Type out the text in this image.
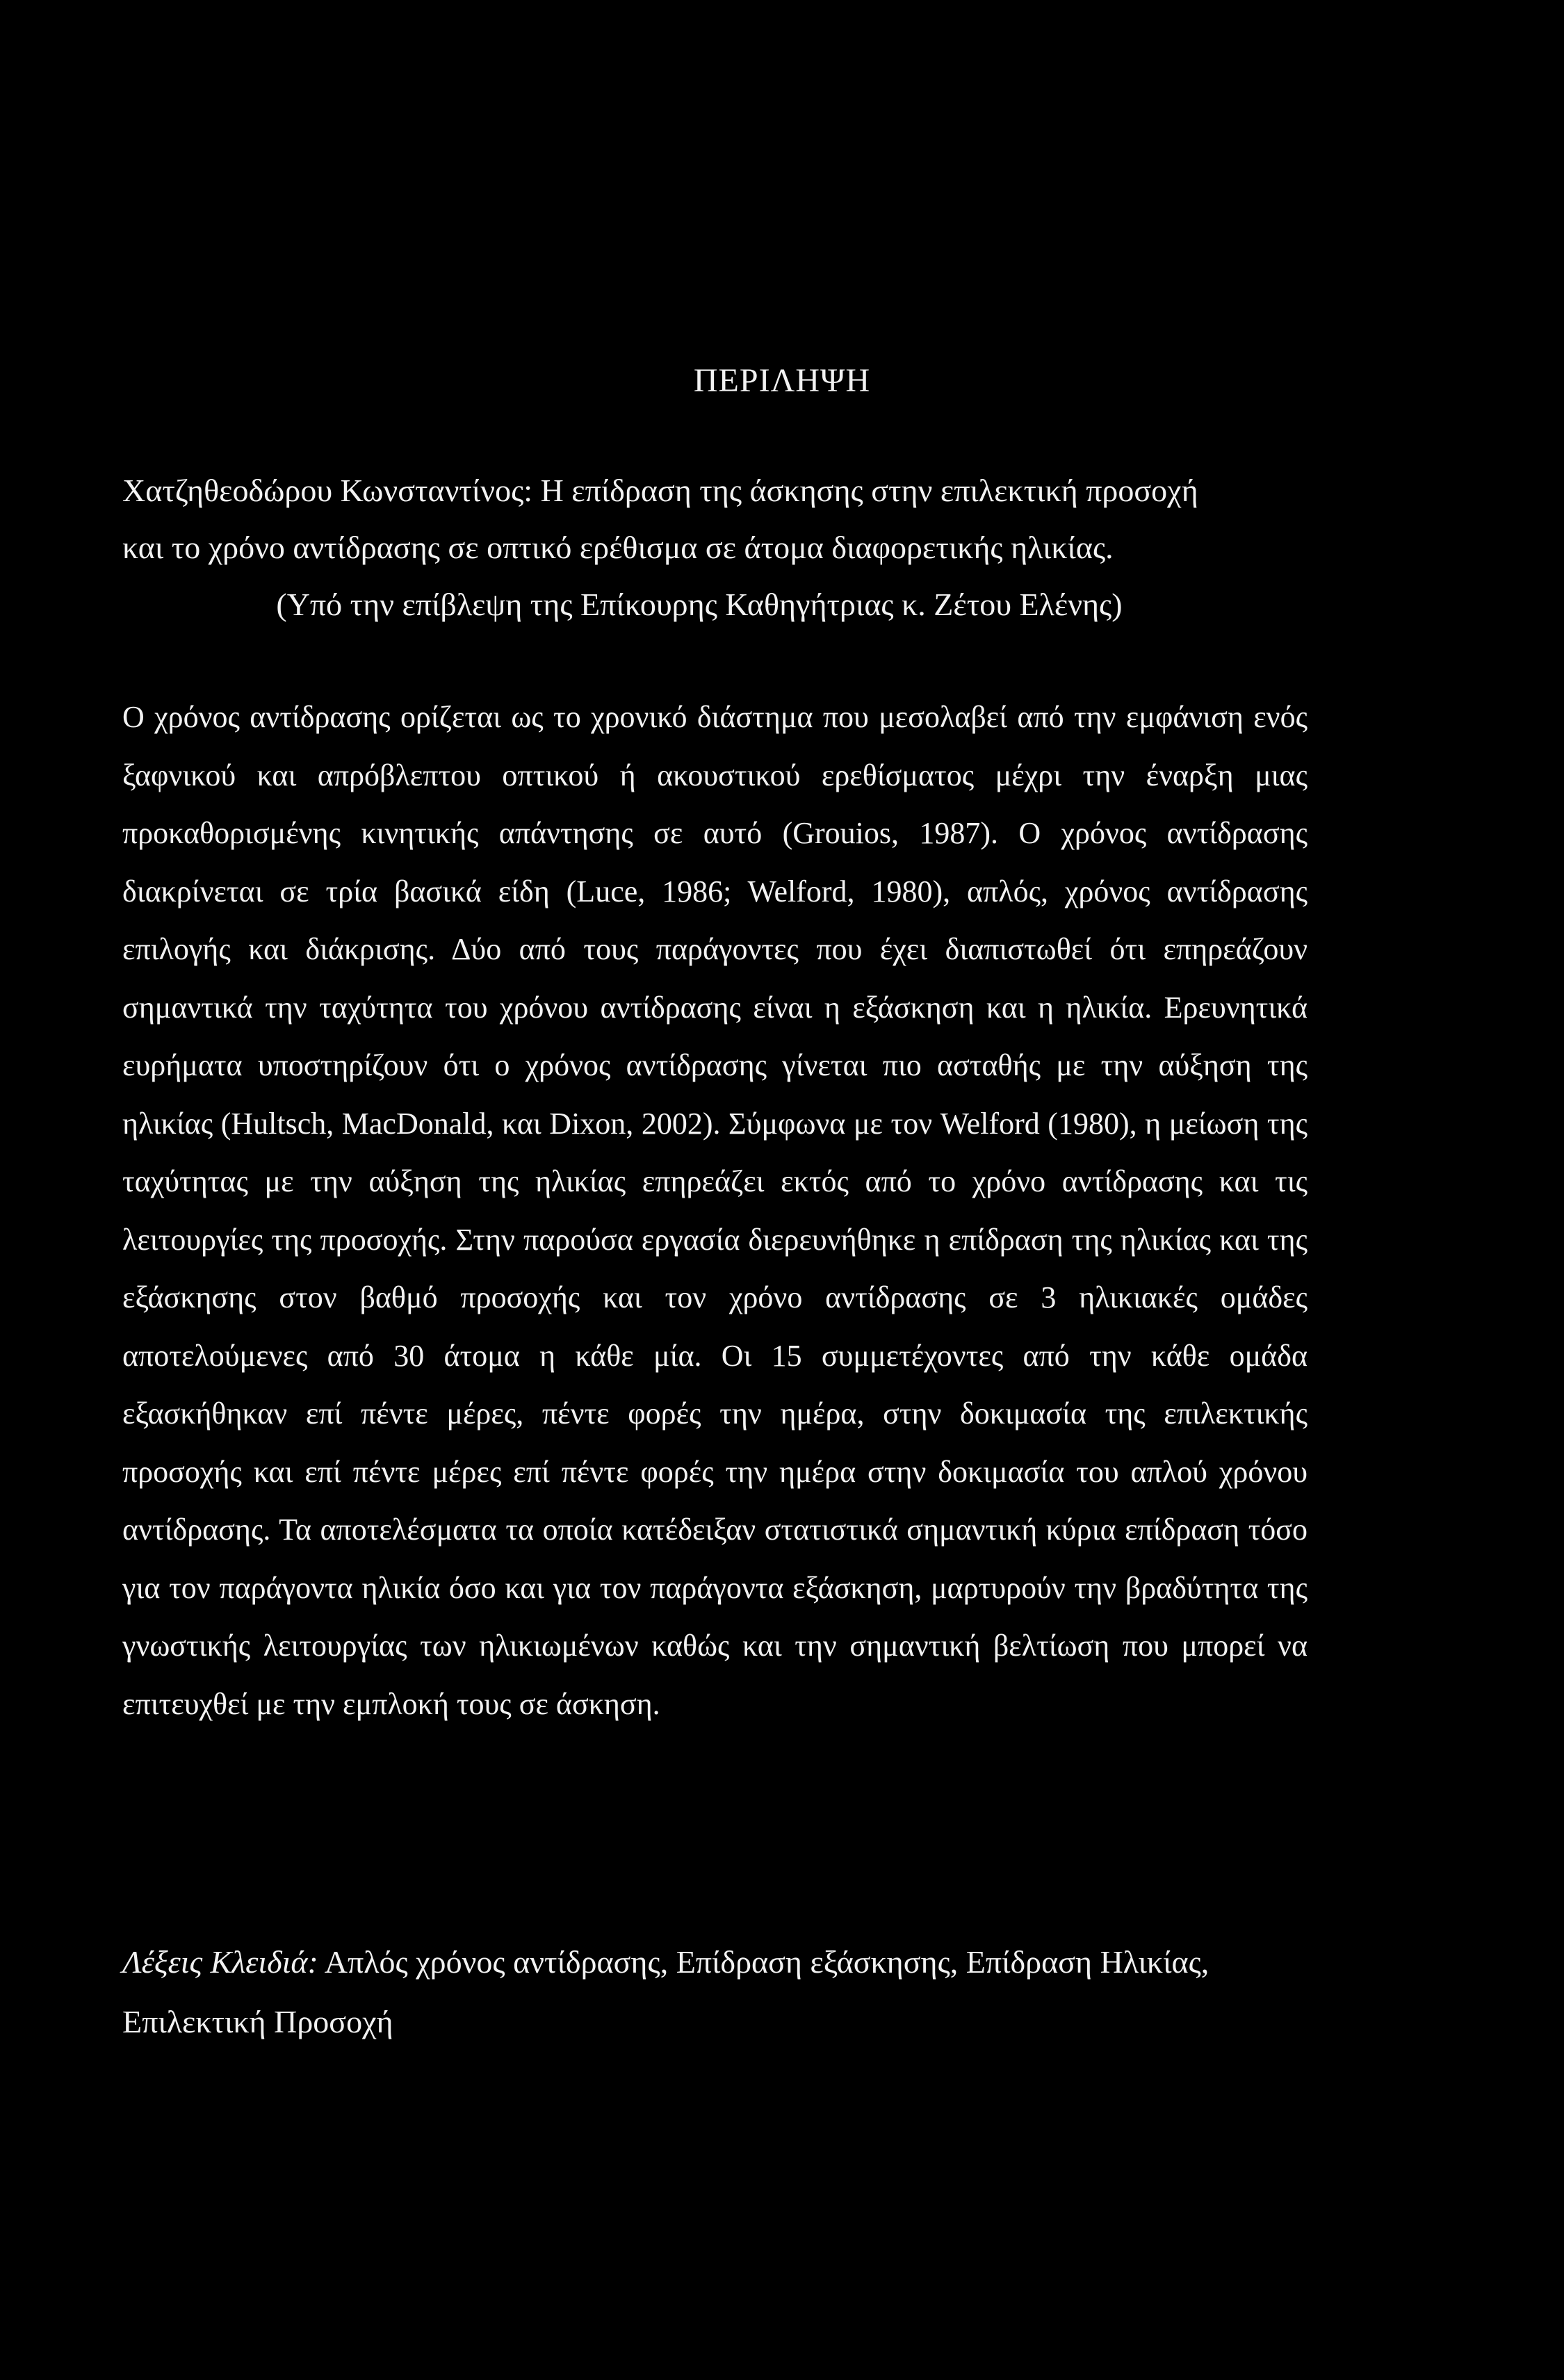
ΠΕΡΙΛΗΨΗ
Χατζηθεοδώρου Κωνσταντίνος: Η επίδραση της άσκησης στην επιλεκτική προσοχή
και το χρόνο αντίδρασης σε οπτικό ερέθισμα σε άτομα διαφορετικής ηλικίας.
(Υπό την επίβλεψη της Επίκουρης Καθηγήτριας κ. Ζέτου Ελένης)

Ο χρόνος αντίδρασης ορίζεται ως το χρονικό διάστημα που μεσολαβεί από την εμφάνιση ενός ξαφνικού και απρόβλεπτου οπτικού ή ακουστικού ερεθίσματος μέχρι την έναρξη μιας προκαθορισμένης κινητικής απάντησης σε αυτό (Grouios, 1987). Ο χρόνος αντίδρασης διακρίνεται σε τρία βασικά είδη (Luce, 1986; Welford, 1980), απλός, χρόνος αντίδρασης επιλογής και διάκρισης. Δύο από τους παράγοντες που έχει διαπιστωθεί ότι επηρεάζουν σημαντικά την ταχύτητα του χρόνου αντίδρασης είναι η εξάσκηση και η ηλικία. Ερευνητικά ευρήματα υποστηρίζουν ότι ο χρόνος αντίδρασης γίνεται πιο ασταθής με την αύξηση της ηλικίας (Hultsch, MacDonald, και Dixon, 2002). Σύμφωνα με τον Welford (1980), η μείωση της ταχύτητας με την αύξηση της ηλικίας επηρεάζει εκτός από το χρόνο αντίδρασης και τις λειτουργίες της προσοχής. Στην παρούσα εργασία διερευνήθηκε η επίδραση της ηλικίας και της εξάσκησης στον βαθμό προσοχής και τον χρόνο αντίδρασης σε 3 ηλικιακές ομάδες αποτελούμενες από 30 άτομα η κάθε μία. Οι 15 συμμετέχοντες από την κάθε ομάδα εξασκήθηκαν επί πέντε μέρες, πέντε φορές την ημέρα, στην δοκιμασία της επιλεκτικής προσοχής και επί πέντε μέρες επί πέντε φορές την ημέρα στην δοκιμασία του απλού χρόνου αντίδρασης. Τα αποτελέσματα τα οποία κατέδειξαν στατιστικά σημαντική κύρια επίδραση τόσο για τον παράγοντα ηλικία όσο και για τον παράγοντα εξάσκηση, μαρτυρούν την βραδύτητα της γνωστικής λειτουργίας των ηλικιωμένων καθώς και την σημαντική βελτίωση που μπορεί να επιτευχθεί με την εμπλοκή τους σε άσκηση.

Λέξεις Κλειδιά: Απλός χρόνος αντίδρασης, Επίδραση εξάσκησης, Επίδραση Ηλικίας, Επιλεκτική Προσοχή
